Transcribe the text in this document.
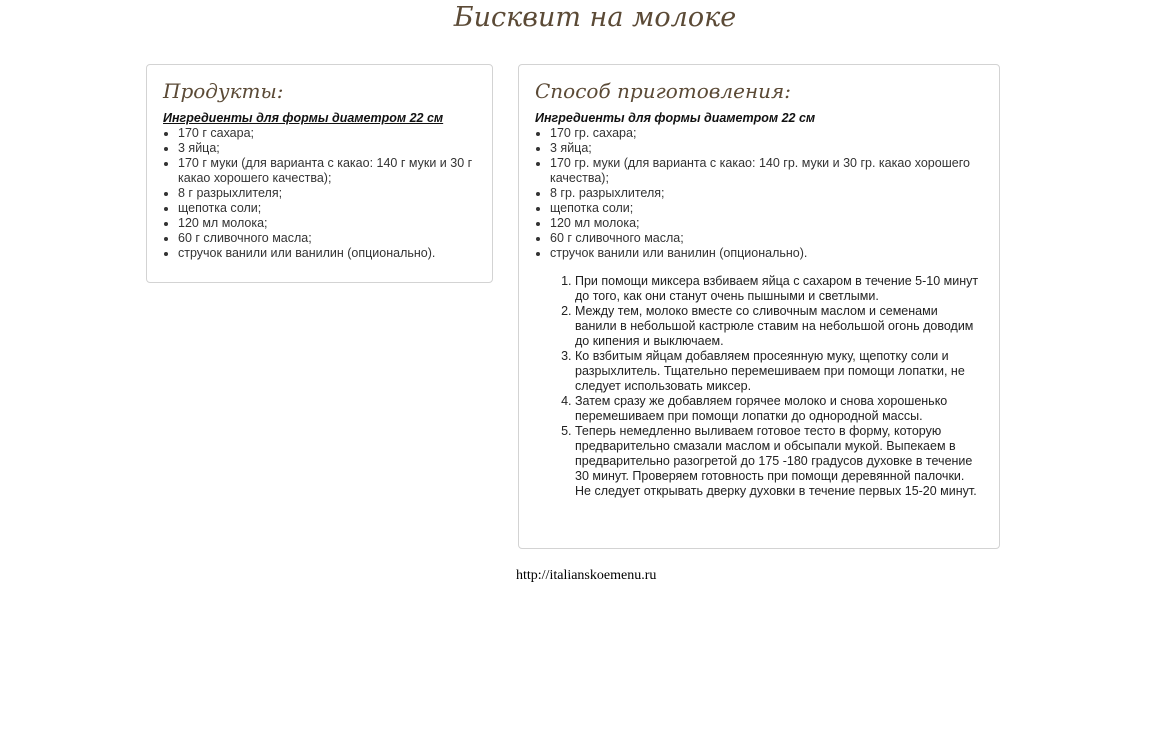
Бисквит на молоке
Продукты:

Ингредиенты для формы диаметром 22 см

• 170 г сахара;
• 3 яйца;
• 170 г муки (для варианта с какао: 140 г муки и 30 г какао хорошего качества);
• 8 г разрыхлителя;
• щепотка соли;
• 120 мл молока;
• 60 г сливочного масла;
• стручок ванили или ванилин (опционально).
Способ приготовления:

Ингредиенты для формы диаметром 22 см

• 170 гр. сахара;
• 3 яйца;
• 170 гр. муки (для варианта с какао: 140 гр. муки и 30 гр. какао хорошего качества);
• 8 гр. разрыхлителя;
• щепотка соли;
• 120 мл молока;
• 60 г сливочного масла;
• стручок ванили или ванилин (опционально).
1. При помощи миксера взбиваем яйца с сахаром в течение 5-10 минут до того, как они станут очень пышными и светлыми.
2. Между тем, молоко вместе со сливочным маслом и семенами ванили в небольшой кастрюле ставим на небольшой огонь доводим до кипения и выключаем.
3. Ко взбитым яйцам добавляем просеянную муку, щепотку соли и разрыхлитель. Тщательно перемешиваем при помощи лопатки, не следует использовать миксер.
4. Затем сразу же добавляем горячее молоко и снова хорошенько перемешиваем при помощи лопатки до однородной массы.
5. Теперь немедленно выливаем готовое тесто в форму, которую предварительно смазали маслом и обсыпали мукой. Выпекаем в предварительно разогретой до 175 -180 градусов духовке в течение 30 минут. Проверяем готовность при помощи деревянной палочки. Не следует открывать дверку духовки в течение первых 15-20 минут.
http://italianskoemenu.ru
